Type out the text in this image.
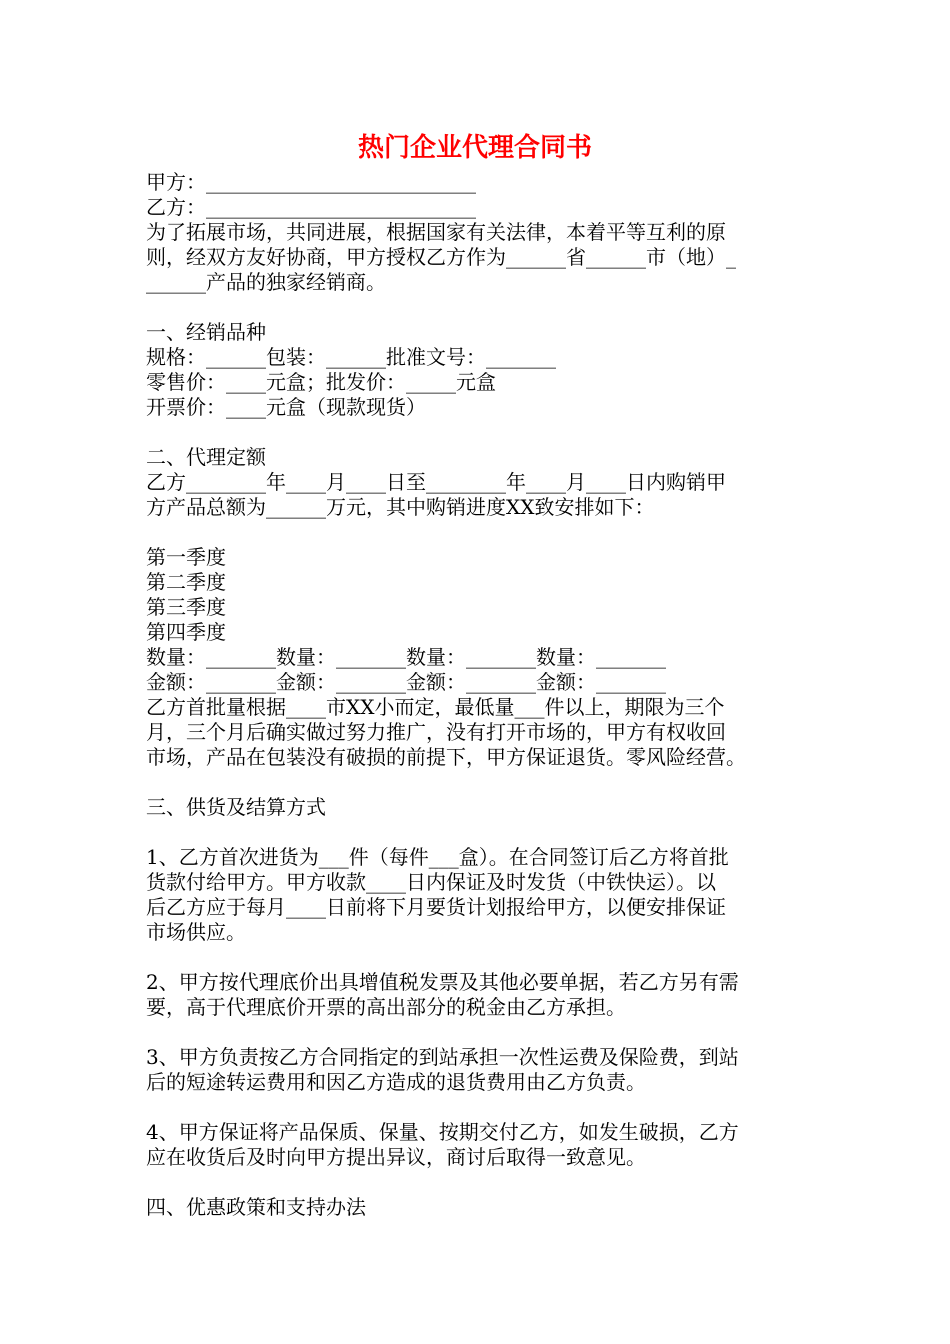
热门企业代理合同书
甲方：___________________________
乙方：___________________________
为了拓展市场，共同进展，根据国家有关法律，本着平等互利的原
则，经双方友好协商，甲方授权乙方作为______省______市（地）_
______产品的独家经销商。
一、经销品种
规格：______包装：______批准文号：_______
零售价：____元盒；批发价：_____元盒
开票价：____元盒（现款现货）
二、代理定额
乙方________年____月____日至________年____月____日内购销甲
方产品总额为______万元，其中购销进度XX致安排如下：
第一季度
第二季度
第三季度
第四季度
数量：_______数量：_______数量：_______数量：_______
金额：_______金额：_______金额：_______金额：_______
乙方首批量根据____市XX小而定，最低量___件以上，期限为三个
月，三个月后确实做过努力推广，没有打开市场的，甲方有权收回
市场，产品在包装没有破损的前提下，甲方保证退货。零风险经营。
三、供货及结算方式
1、乙方首次进货为___件（每件___盒）。在合同签订后乙方将首批
货款付给甲方。甲方收款____日内保证及时发货（中铁快运）。以
后乙方应于每月____日前将下月要货计划报给甲方，以便安排保证
市场供应。
2、甲方按代理底价出具增值税发票及其他必要单据，若乙方另有需
要，高于代理底价开票的高出部分的税金由乙方承担。
3、甲方负责按乙方合同指定的到站承担一次性运费及保险费，到站
后的短途转运费用和因乙方造成的退货费用由乙方负责。
4、甲方保证将产品保质、保量、按期交付乙方，如发生破损，乙方
应在收货后及时向甲方提出异议，商讨后取得一致意见。
四、优惠政策和支持办法
